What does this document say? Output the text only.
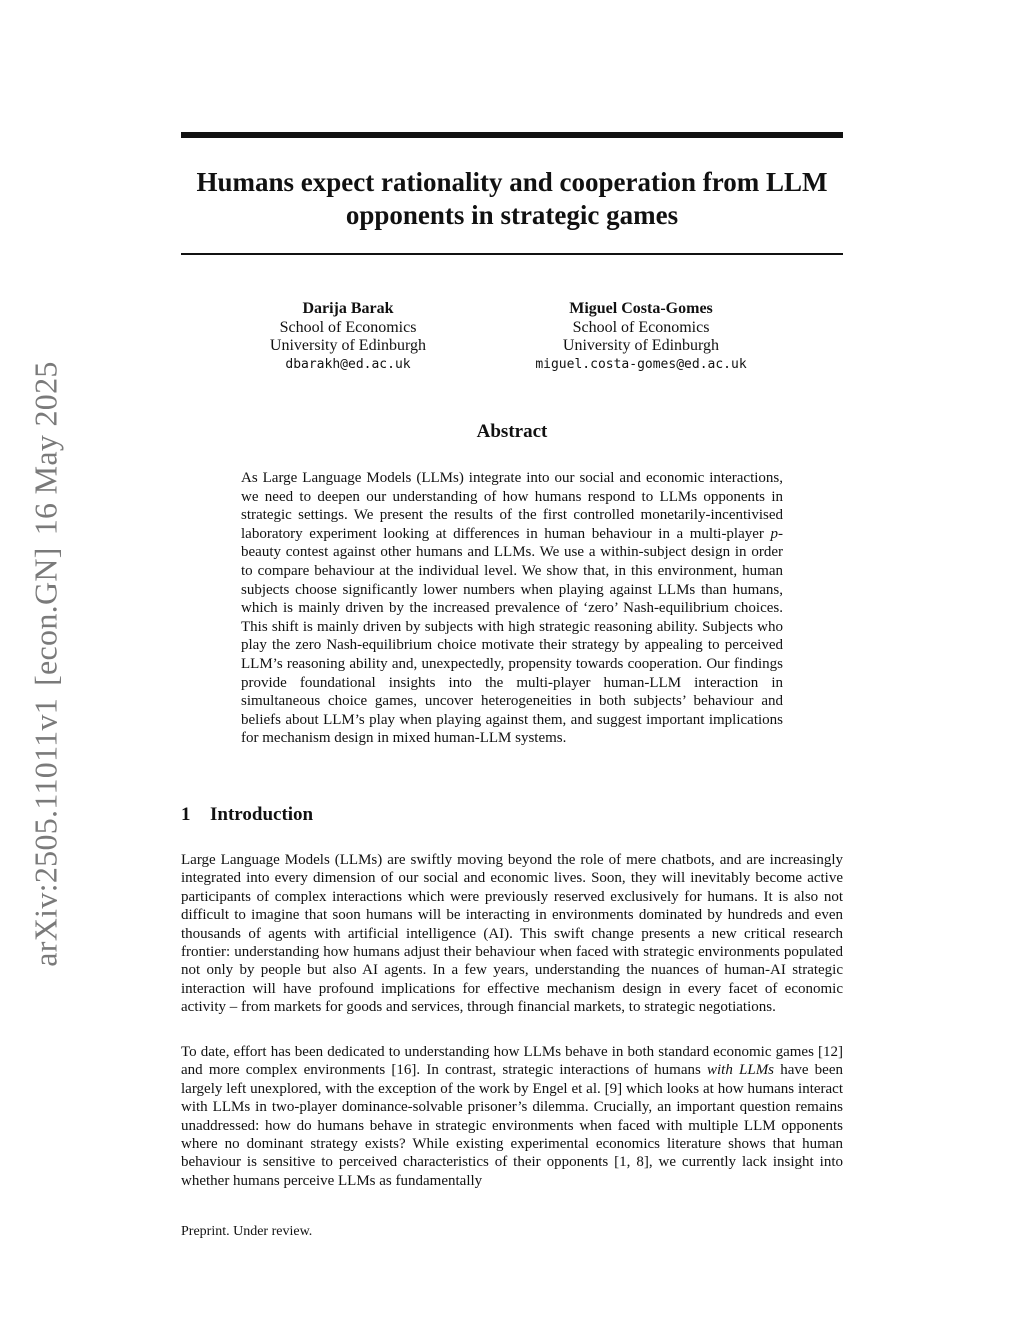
arXiv:2505.11011v1[econ.GN]16 May 2025
Humans expect rationality and cooperation from LLM opponents in strategic games
Darija Barak
School of Economics
University of Edinburgh
dbarakh@ed.ac.uk
Miguel Costa-Gomes
School of Economics
University of Edinburgh
miguel.costa-gomes@ed.ac.uk
Abstract

As Large Language Models (LLMs) integrate into our social and economic interactions, we need to deepen our understanding of how humans respond to LLMs opponents in strategic settings. We present the results of the first controlled monetarily-incentivised laboratory experiment looking at differences in human behaviour in a multi-player p-beauty contest against other humans and LLMs. We use a within-subject design in order to compare behaviour at the individual level. We show that, in this environment, human subjects choose significantly lower numbers when playing against LLMs than humans, which is mainly driven by the increased prevalence of ‘zero’ Nash-equilibrium choices. This shift is mainly driven by subjects with high strategic reasoning ability. Subjects who play the zero Nash-equilibrium choice motivate their strategy by appealing to perceived LLM’s reasoning ability and, unexpectedly, propensity towards cooperation. Our findings provide foundational insights into the multi-player human-LLM interaction in simultaneous choice games, uncover heterogeneities in both subjects’ behaviour and beliefs about LLM’s play when playing against them, and suggest important implications for mechanism design in mixed human-LLM systems.

1 Introduction

Large Language Models (LLMs) are swiftly moving beyond the role of mere chatbots, and are increasingly integrated into every dimension of our social and economic lives. Soon, they will inevitably become active participants of complex interactions which were previously reserved exclusively for humans. It is also not difficult to imagine that soon humans will be interacting in environments dominated by hundreds and even thousands of agents with artificial intelligence (AI). This swift change presents a new critical research frontier: understanding how humans adjust their behaviour when faced with strategic environments populated not only by people but also AI agents. In a few years, understanding the nuances of human-AI strategic interaction will have profound implications for effective mechanism design in every facet of economic activity – from markets for goods and services, through financial markets, to strategic negotiations.

To date, effort has been dedicated to understanding how LLMs behave in both standard economic games [12] and more complex environments [16]. In contrast, strategic interactions of humans with LLMs have been largely left unexplored, with the exception of the work by Engel et al. [9] which looks at how humans interact with LLMs in two-player dominance-solvable prisoner’s dilemma. Crucially, an important question remains unaddressed: how do humans behave in strategic environments when faced with multiple LLM opponents where no dominant strategy exists? While existing experimental economics literature shows that human behaviour is sensitive to perceived characteristics of their opponents [1, 8], we currently lack insight into whether humans perceive LLMs as fundamentally

Preprint. Under review.
